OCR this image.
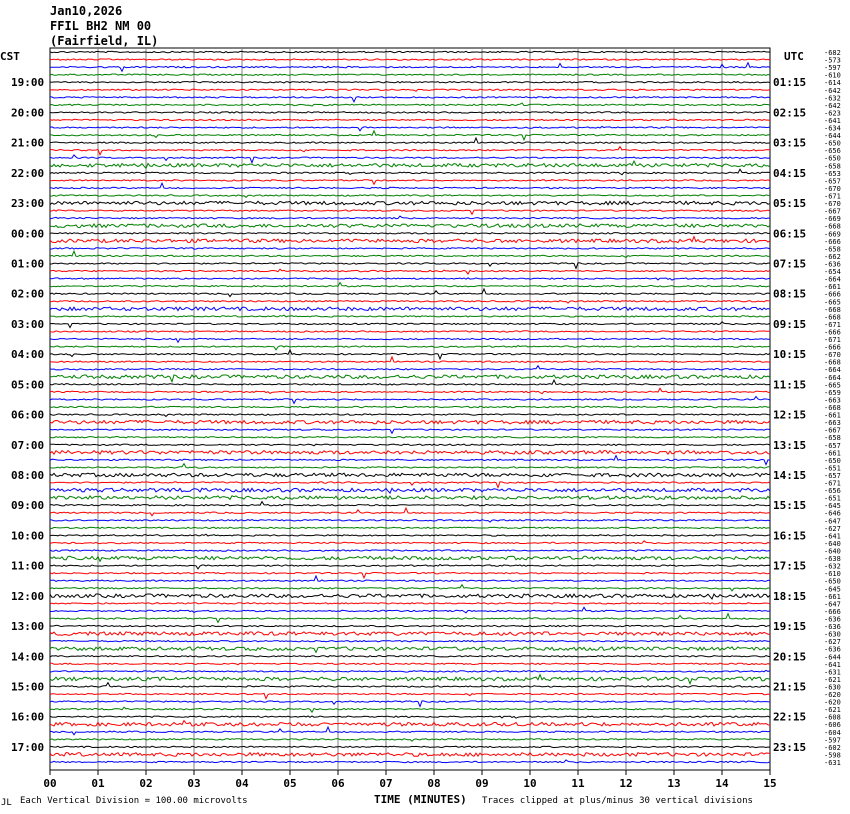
Jan10,2026
FFIL BH2 NM 00
(Fairfield, IL)
CST	UTC	-682
-573
-597
-610
-614
-642
-632
-642
-623
-641
-634
-644
-650
-656
-650
-658
-653
-657
-670
-671
-670
-667
-669
-668
-669
-666
-658
-662
-636
-654
-664
-661
-666
-665
-668
-668
-671
-666
-671
-666
-670
-668
-664
-664
-665
-659
-663
-668
-661
-663
-667
-658
-657
-661
-650
-651
-657
-671
-656
-651
-645
-646
-647
-627
-641
-640
-640
-638
-632
-610
-650
-645
-661
-647
-666
-636
-636
-630
-627
-636
-644
-641
-631
-621
-630
-620
-620
-621
-608
-606
-604
-597
-602
-598
-631
19:00	01:15
20:00	02:15
21:00	03:15
22:00	04:15
23:00	05:15
00:00	06:15
01:00	07:15
02:00	08:15
03:00	09:15
04:00	10:15
05:00	11:15
06:00	12:15
07:00	13:15
08:00	14:15
09:00	15:15
10:00	16:15
11:00	17:15
12:00	18:15
13:00	19:15
14:00	20:15
15:00	21:15
16:00	22:15
17:00	23:15
00	01	02	03	04	05	06	07	08	09	10	11	12	13	14	15
JL Each Vertical Division = 100.00 microvolts	TIME (MINUTES) Traces clipped at plus/minus 30 vertical divisions
